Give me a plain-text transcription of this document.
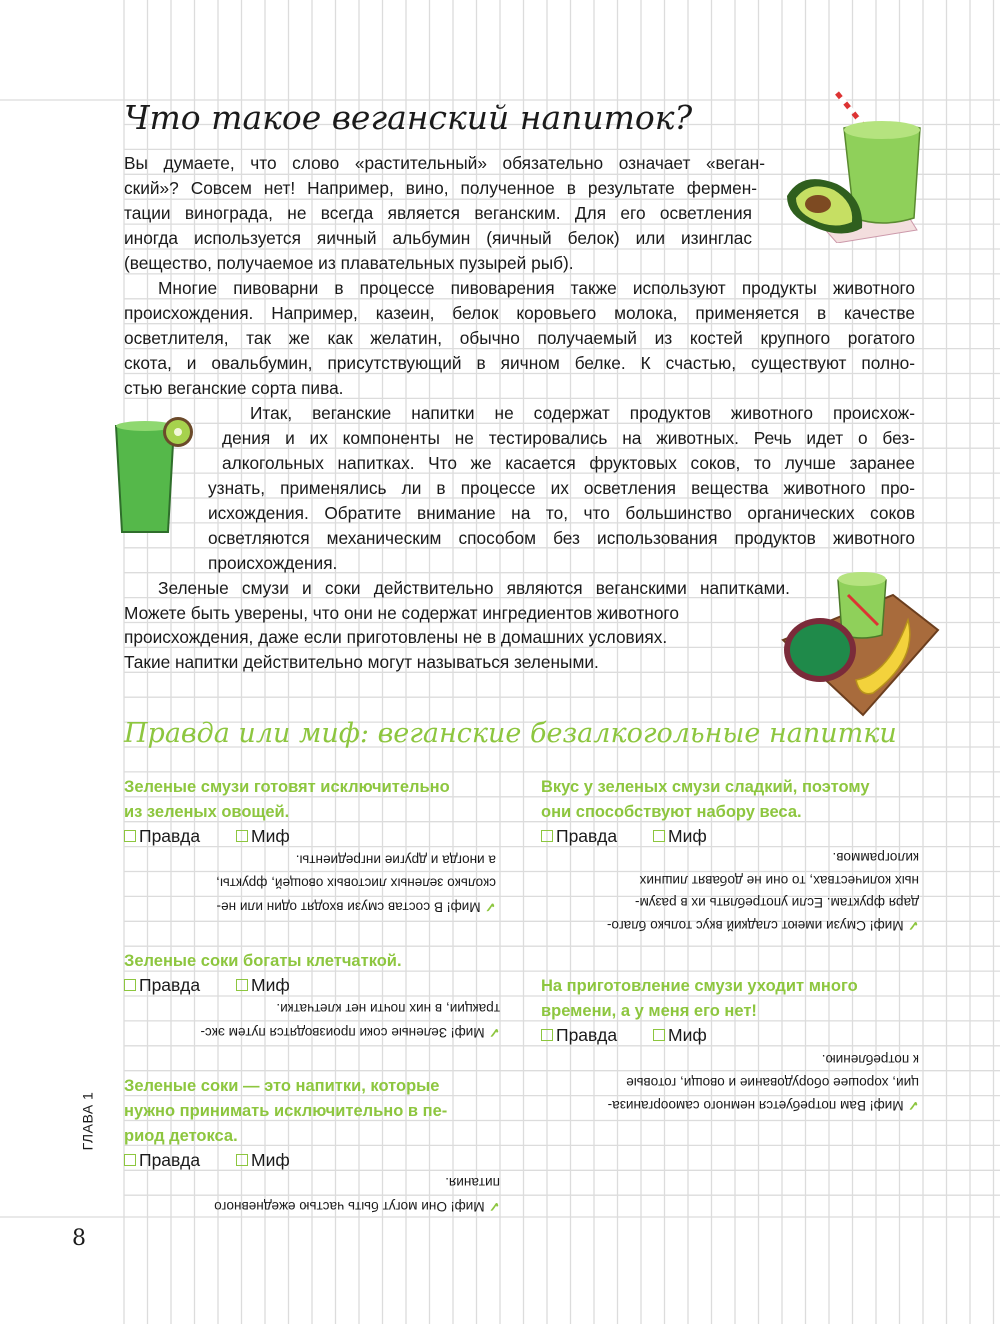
Что такое веганский напиток?
Вы думаете, что слово «растительный» обязательно означает «веган-
ский»? Совсем нет! Например, вино, полученное в результате фермен-
тации винограда, не всегда является веганским. Для его осветления
иногда используется яичный альбумин (яичный белок) или изинглас
(вещество, получаемое из плавательных пузырей рыб).
Многие пивоварни в процессе пивоварения также используют продукты животного
происхождения. Например, казеин, белок коровьего молока, применяется в качестве
осветлителя, так же как желатин, обычно получаемый из костей крупного рогатого
скота, и овальбумин, присутствующий в яичном белке. К счастью, существуют полно-
стью веганские сорта пива.
Итак, веганские напитки не содержат продуктов животного происхож-
дения и их компоненты не тестировались на животных. Речь идет о без-
алкогольных напитках. Что же касается фруктовых соков, то лучше заранее
узнать, применялись ли в процессе их осветления вещества животного про-
исхождения. Обратите внимание на то, что большинство органических соков
осветляются механическим способом без использования продуктов животного
происхождения.
Зеленые смузи и соки действительно являются веганскими напитками.
Можете быть уверены, что они не содержат ингредиентов животного
происхождения, даже если приготовлены не в домашних условиях.
Такие напитки действительно могут называться зелеными.
Правда или миф: веганские безалкогольные напитки
Зеленые смузи готовят исключительно
из зеленых овощей.
Правда	Миф
✓Миф! В состав смузи входят один или не-
сколько зеленых листовых овощей, фрукты,
а иногда и другие ингредиенты.
Зеленые соки богаты клетчаткой.
Правда	Миф
✓Миф! Зеленые соки производятся путем экс-
тракции, в них почти нет клетчатки.
Зеленые соки — это напитки, которые
нужно принимать исключительно в пе-
риод детокса.
Правда	Миф
✓Миф! Они могут быть частью ежедневного
питания.
Вкус у зеленых смузи сладкий, поэтому
они способствуют набору веса.
Правда	Миф
✓Миф! Смузи имеют сладкий вкус только благо-
даря фруктам. Если употреблять их в разум-
ных количествах, то они не добавят лишних
килограммов.
На приготовление смузи уходит много
времени, а у меня его нет!
Правда	Миф
✓Миф! Вам потребуется немного самоорганиза-
ции, хорошее оборудование и овощи, готовые
к потреблению.
ГЛАВА 1
8
